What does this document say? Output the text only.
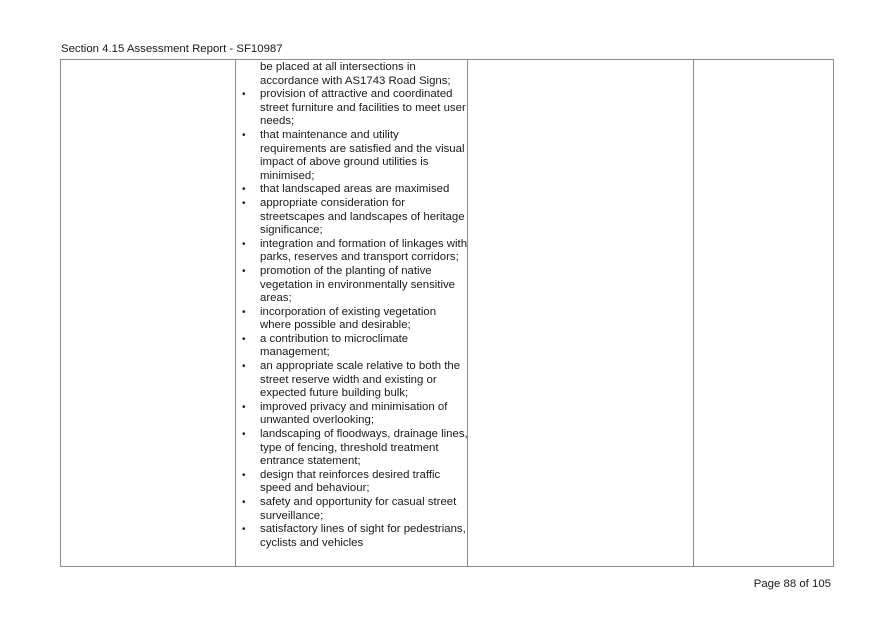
Section 4.15 Assessment Report - SF10987

be placed at all intersections in accordance with AS1743 Road Signs;
• provision of attractive and coordinated street furniture and facilities to meet user needs;
• that maintenance and utility requirements are satisfied and the visual impact of above ground utilities is minimised;
• that landscaped areas are maximised
• appropriate consideration for streetscapes and landscapes of heritage significance;
• integration and formation of linkages with parks, reserves and transport corridors;
• promotion of the planting of native vegetation in environmentally sensitive areas;
• incorporation of existing vegetation where possible and desirable;
• a contribution to microclimate management;
• an appropriate scale relative to both the street reserve width and existing or expected future building bulk;
• improved privacy and minimisation of unwanted overlooking;
• landscaping of floodways, drainage lines, type of fencing, threshold treatment entrance statement;
• design that reinforces desired traffic speed and behaviour;
• safety and opportunity for casual street surveillance;
• satisfactory lines of sight for pedestrians, cyclists and vehicles

Page 88 of 105
